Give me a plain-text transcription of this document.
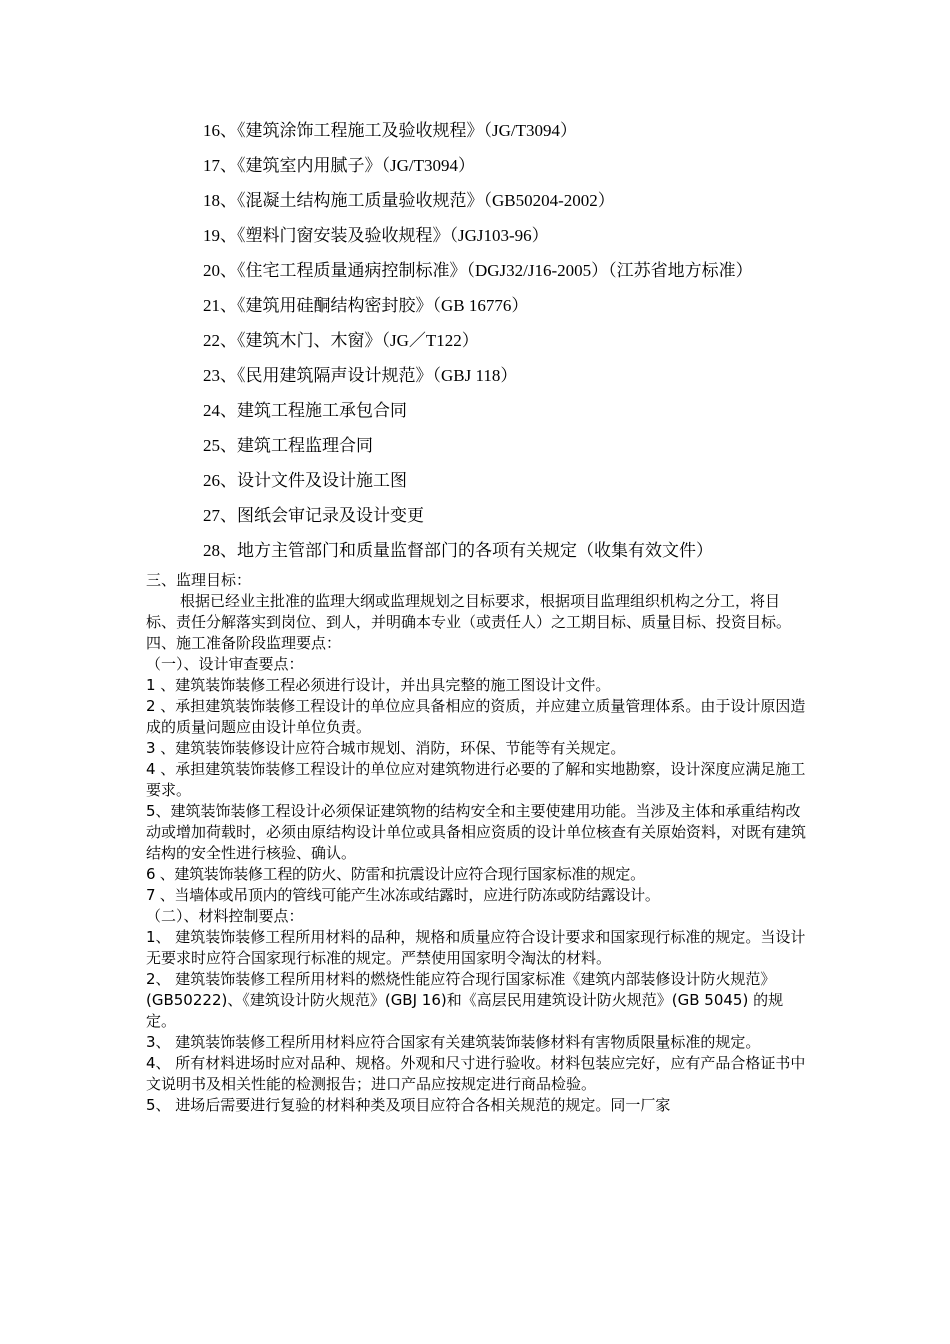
16、《建筑涂饰工程施工及验收规程》（JG/T3094）
17、《建筑室内用腻子》（JG/T3094）
18、《混凝土结构施工质量验收规范》（GB50204-2002）
19、《塑料门窗安装及验收规程》（JGJ103-96）
20、《住宅工程质量通病控制标准》（DGJ32/J16-2005）（江苏省地方标准）
21、《建筑用硅酮结构密封胶》（GB 16776）
22、《建筑木门、木窗》（JG／T122）
23、《民用建筑隔声设计规范》（GBJ 118）
24、建筑工程施工承包合同
25、建筑工程监理合同
26、设计文件及设计施工图
27、图纸会审记录及设计变更
28、地方主管部门和质量监督部门的各项有关规定（收集有效文件）

三、监理目标：

根据已经业主批准的监理大纲或监理规划之目标要求，根据项目监理组织机构之分工，将目标、责任分解落实到岗位、到人，并明确本专业（或责任人）之工期目标、质量目标、投资目标。

四、施工准备阶段监理要点：

（一）、设计审查要点：

1 、建筑装饰装修工程必须进行设计，并出具完整的施工图设计文件。

2 、承担建筑装饰装修工程设计的单位应具备相应的资质，并应建立质量管理体系。由于设计原因造成的质量问题应由设计单位负责。

3 、建筑装饰装修设计应符合城市规划、消防，环保、节能等有关规定。

4 、承担建筑装饰装修工程设计的单位应对建筑物进行必要的了解和实地勘察，设计深度应满足施工要求。

5、建筑装饰装修工程设计必须保证建筑物的结构安全和主要使建用功能。当涉及主体和承重结构改动或增加荷载时，必须由原结构设计单位或具备相应资质的设计单位核查有关原始资料，对既有建筑结构的安全性进行核验、确认。

6 、建筑装饰装修工程的防火、防雷和抗震设计应符合现行国家标准的规定。

7 、当墙体或吊顶内的管线可能产生冰冻或结露时，应进行防冻或防结露设计。

（二）、材料控制要点：

1、 建筑装饰装修工程所用材料的品种，规格和质量应符合设计要求和国家现行标准的规定。当设计无要求时应符合国家现行标准的规定。严禁使用国家明令淘汰的材料。

2、 建筑装饰装修工程所用材料的燃烧性能应符合现行国家标准《建筑内部装修设计防火规范》(GB50222)、《建筑设计防火规范》(GBJ 16)和《高层民用建筑设计防火规范》(GB 5045) 的规定。

3、 建筑装饰装修工程所用材料应符合国家有关建筑装饰装修材料有害物质限量标准的规定。

4、 所有材料进场时应对品种、规格。外观和尺寸进行验收。材料包装应完好，应有产品合格证书中文说明书及相关性能的检测报告；进口产品应按规定进行商品检验。

5、 进场后需要进行复验的材料种类及项目应符合各相关规范的规定。同一厂家
